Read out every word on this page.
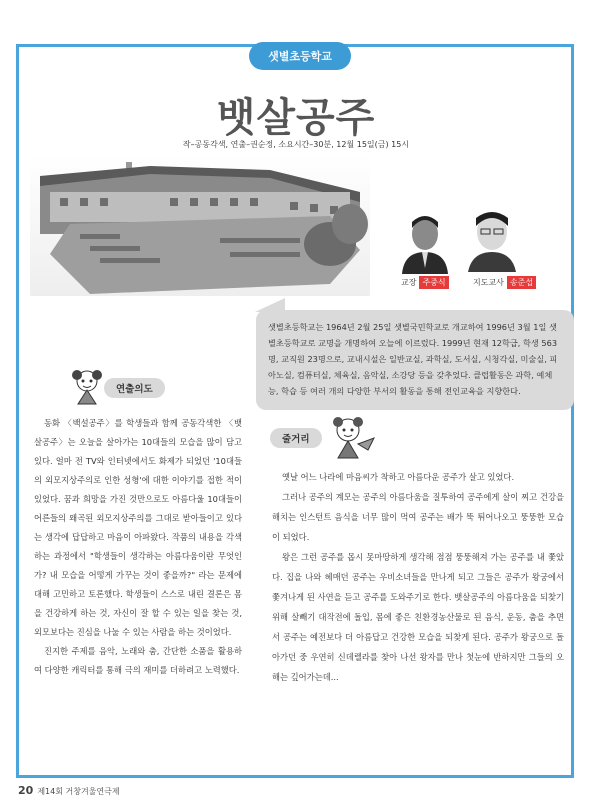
샛별초등학교
뱃살공주
작–공동각색, 연출–권순정, 소요시간–30분, 12월 15일(금) 15시
교장 주중식	지도교사 송준섭
샛별초등학교는 1964년 2월 25일 샛별국민학교로 개교하여 1996년 3월 1일 샛별초등학교로 교명을 개명하여 오늘에 이르렀다. 1999년 현재 12학급, 학생 563명, 교직원 23명으로, 교내시설은 일반교실, 과학실, 도서실, 시청각실, 미술실, 피아노실, 컴퓨터실, 체육실, 음악실, 소강당 등을 갖추었다. 클럽활동은 과학, 예체능, 학습 등 여러 개의 다양한 부서의 활동을 통해 전인교육을 지향한다.
연출의도

동화 〈백설공주〉를 학생들과 함께 공동각색한 〈뱃살공주〉는 오늘을 살아가는 10대들의 모습을 많이 담고 있다. 얼마 전 TV와 인터넷에서도 화제가 되었던 '10대들의 외모지상주의로 인한 성형'에 대한 이야기를 접한 적이 있었다. 꿈과 희망을 가진 것만으로도 아름다울 10대들이 어른들의 왜곡된 외모지상주의를 그대로 받아들이고 있다는 생각에 답답하고 마음이 아파왔다. 작품의 내용을 각색하는 과정에서 "학생들이 생각하는 아름다움이란 무엇인가? 내 모습을 어떻게 가꾸는 것이 좋을까?" 라는 문제에 대해 고민하고 토론했다. 학생들이 스스로 내린 결론은 몸을 건강하게 하는 것, 자신이 잘 할 수 있는 일을 찾는 것, 외모보다는 진심을 나눌 수 있는 사람을 하는 것이었다.

진지한 주제를 음악, 노래와 춤, 간단한 소품을 활용하여 다양한 캐릭터를 통해 극의 재미를 더하려고 노력했다.

줄거리

옛날 어느 나라에 마음씨가 착하고 아름다운 공주가 살고 있었다.

그러나 공주의 계모는 공주의 아름다움을 질투하여 공주에게 살이 찌고 건강을 해치는 인스턴트 음식을 너무 많이 먹여 공주는 배가 뚝 튀어나오고 뚱뚱한 모습이 되었다.

왕은 그런 공주를 몹시 못마땅하게 생각해 점점 뚱뚱해져 가는 공주를 내 쫓았다. 집을 나와 헤매던 공주는 우비소녀들을 만나게 되고 그들은 공주가 왕궁에서 쫓겨나게 된 사연을 듣고 공주를 도와주기로 한다. 뱃살공주의 아름다움을 되찾기 위해 살빼기 대작전에 돌입, 몸에 좋은 친환경농산물로 된 음식, 운동, 춤을 추면서 공주는 예전보다 더 아름답고 건강한 모습을 되찾게 된다. 공주가 왕궁으로 돌아가던 중 우연히 신데렐라를 찾아 나선 왕자를 만나 첫눈에 반하지만 그들의 오해는 깊어가는데...

20 제14회 거창겨울연극제
